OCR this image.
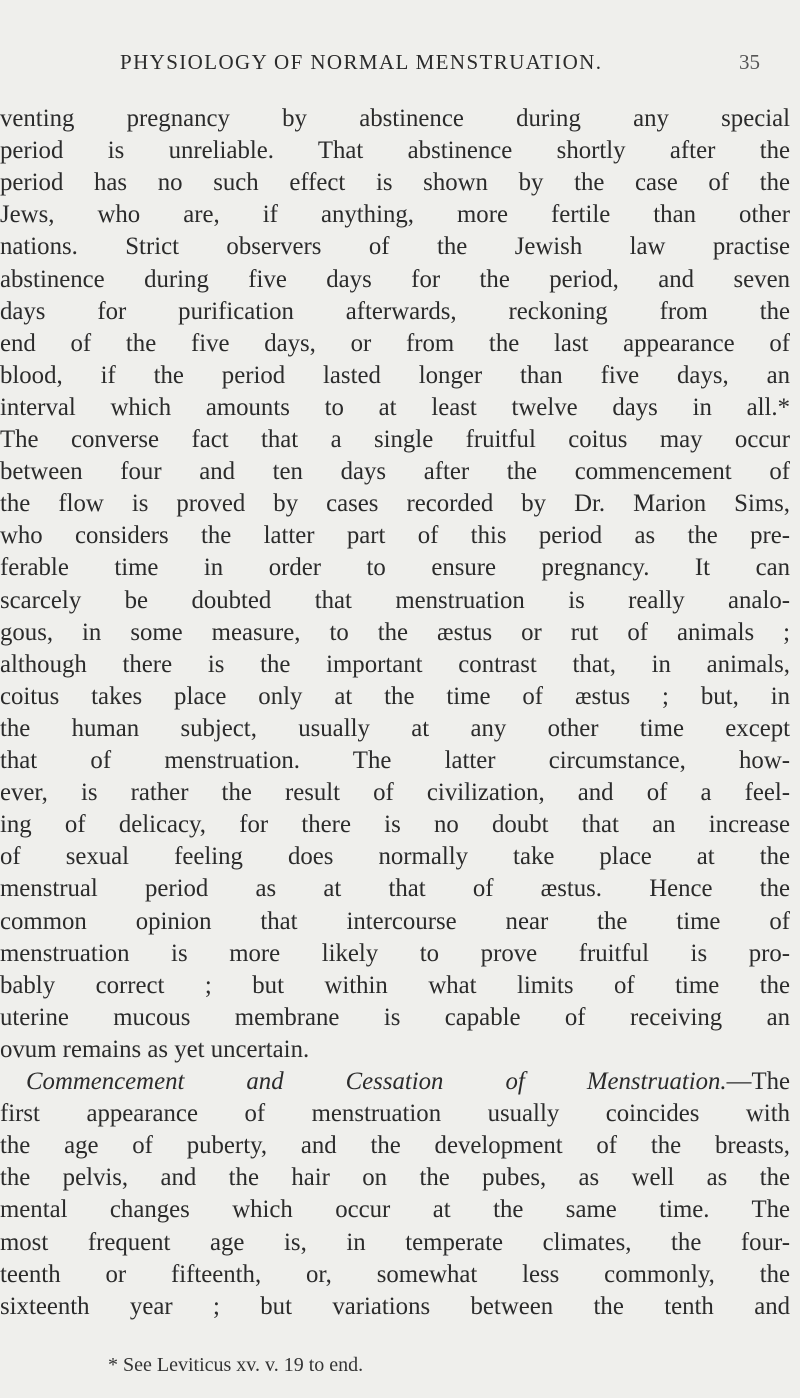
PHYSIOLOGY OF NORMAL MENSTRUATION.	35
venting pregnancy by abstinence during any special
period is unreliable. That abstinence shortly after the
period has no such effect is shown by the case of the
Jews, who are, if anything, more fertile than other
nations. Strict observers of the Jewish law practise
abstinence during five days for the period, and seven
days for purification afterwards, reckoning from the
end of the five days, or from the last appearance of
blood, if the period lasted longer than five days, an
interval which amounts to at least twelve days in all.*
The converse fact that a single fruitful coitus may occur
between four and ten days after the commencement of
the flow is proved by cases recorded by Dr. Marion Sims,
who considers the latter part of this period as the pre-
ferable time in order to ensure pregnancy. It can
scarcely be doubted that menstruation is really analo-
gous, in some measure, to the æstus or rut of animals ;
although there is the important contrast that, in animals,
coitus takes place only at the time of æstus ; but, in
the human subject, usually at any other time except
that of menstruation. The latter circumstance, how-
ever, is rather the result of civilization, and of a feel-
ing of delicacy, for there is no doubt that an increase
of sexual feeling does normally take place at the
menstrual period as at that of æstus. Hence the
common opinion that intercourse near the time of
menstruation is more likely to prove fruitful is pro-
bably correct ; but within what limits of time the
uterine mucous membrane is capable of receiving an
ovum remains as yet uncertain.
Commencement and Cessation of Menstruation.—The
first appearance of menstruation usually coincides with
the age of puberty, and the development of the breasts,
the pelvis, and the hair on the pubes, as well as the
mental changes which occur at the same time. The
most frequent age is, in temperate climates, the four-
teenth or fifteenth, or, somewhat less commonly, the
sixteenth year ; but variations between the tenth and
* See Leviticus xv. v. 19 to end.
